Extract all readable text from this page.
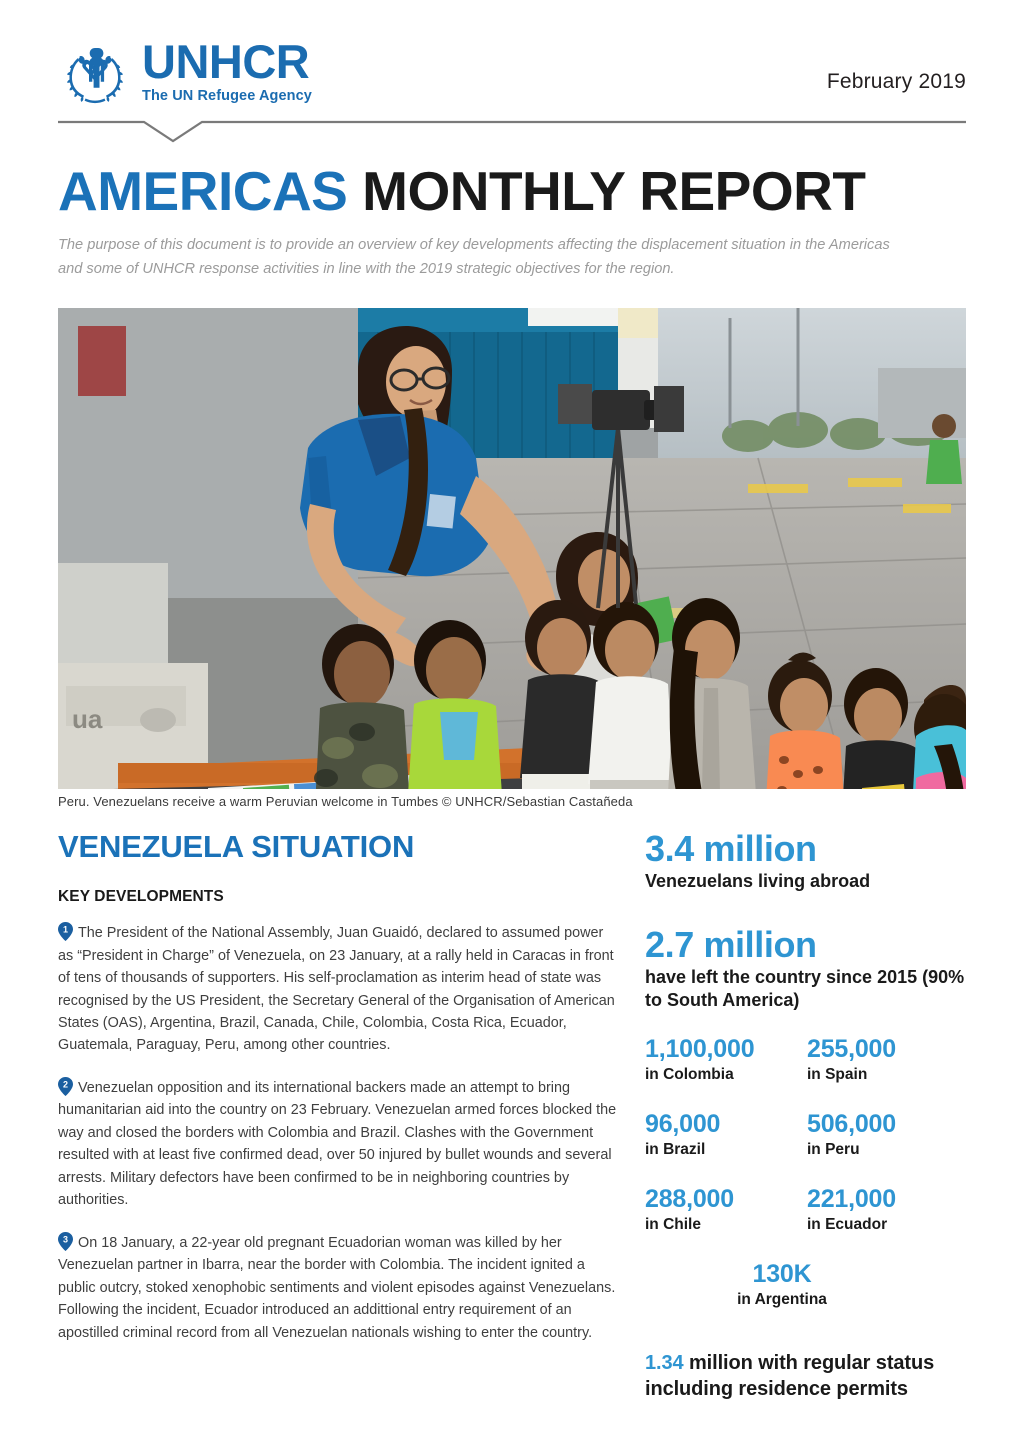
UNHCR
The UN Refugee Agency
February 2019
AMERICAS MONTHLY REPORT
The purpose of this document is to provide an overview of key developments affecting the displacement situation in the Americas and some of UNHCR response activities in line with the 2019 strategic objectives for the region.
ua
Peru. Venezuelans receive a warm Peruvian welcome in Tumbes © UNHCR/Sebastian Castañeda
VENEZUELA SITUATION
KEY DEVELOPMENTS

1 The President of the National Assembly, Juan Guaidó, declared to assumed power as “President in Charge” of Venezuela, on 23 January, at a rally held in Caracas in front of tens of thousands of supporters. His self-proclamation as interim head of state was recognised by the US President, the Secretary General of the Organisation of American States (OAS), Argentina, Brazil, Canada, Chile, Colombia, Costa Rica, Ecuador, Guatemala, Paraguay, Peru, among other countries.

2 Venezuelan opposition and its international backers made an attempt to bring humanitarian aid into the country on 23 February. Venezuelan armed forces blocked the way and closed the borders with Colombia and Brazil. Clashes with the Government resulted with at least five confirmed dead, over 50 injured by bullet wounds and several arrests. Military defectors have been confirmed to be in neighboring countries by authorities.

3 On 18 January, a 22-year old pregnant Ecuadorian woman was killed by her Venezuelan partner in Ibarra, near the border with Colombia. The incident ignited a public outcry, stoked xenophobic sentiments and violent episodes against Venezuelans. Following the incident, Ecuador introduced an addittional entry requirement of an apostilled criminal record from all Venezuelan nationals wishing to enter the country.

3.4 million
Venezuelans living abroad
2.7 million
have left the country since 2015 (90% to South America)
1,100,000
in Colombia
255,000
in Spain
96,000
in Brazil
506,000
in Peru
288,000
in Chile
221,000
in Ecuador
130K
in Argentina
1.34 million with regular status including residence permits
